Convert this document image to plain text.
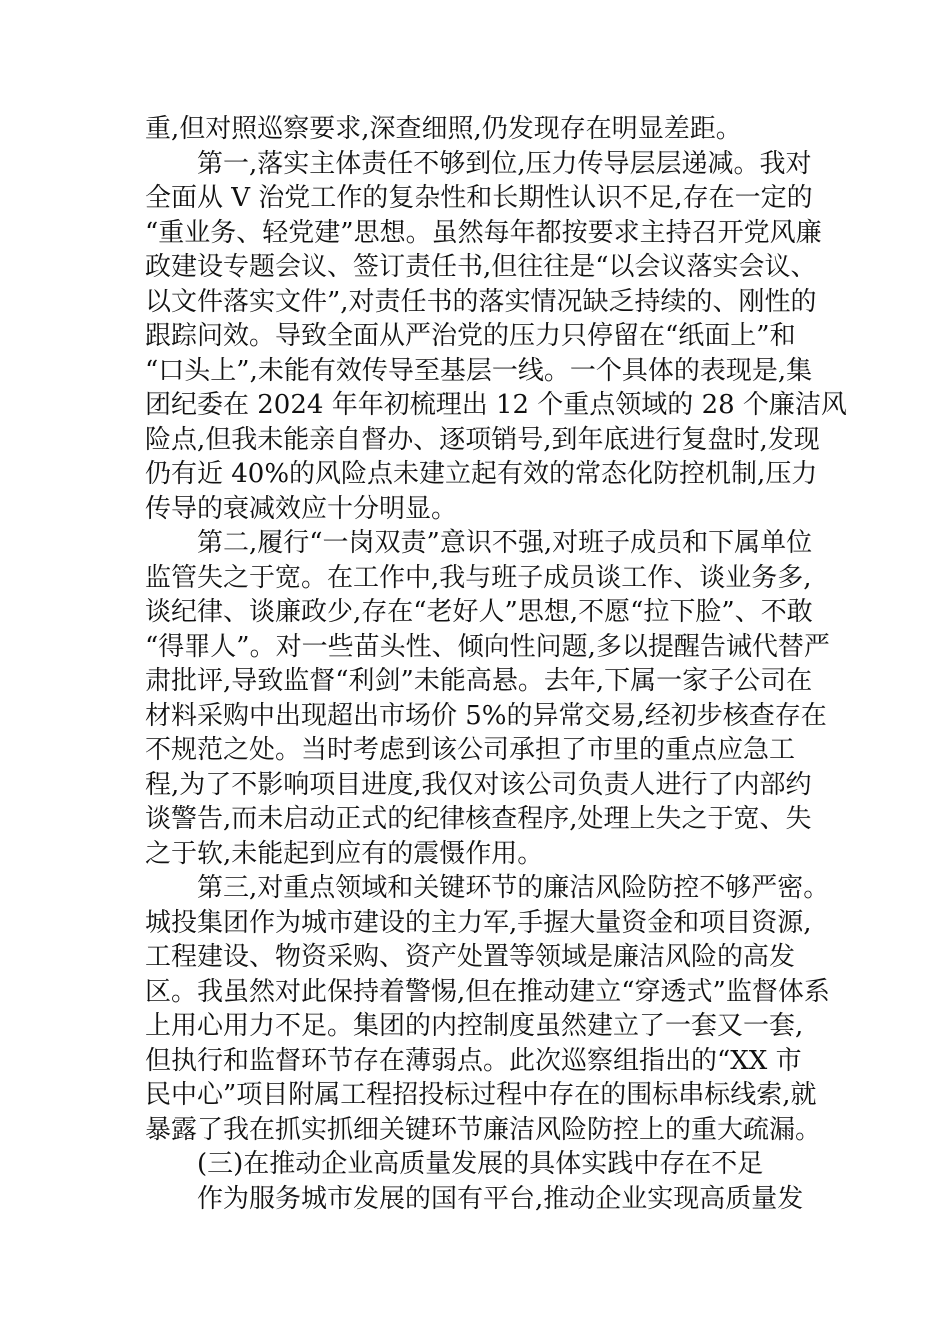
重,但对照巡察要求,深查细照,仍发现存在明显差距。
第一,落实主体责任不够到位,压力传导层层递减。我对
全面从 V 治党工作的复杂性和长期性认识不足,存在一定的
“重业务、轻党建”思想。虽然每年都按要求主持召开党风廉
政建设专题会议、签订责任书,但往往是“以会议落实会议、
以文件落实文件”,对责任书的落实情况缺乏持续的、刚性的
跟踪问效。导致全面从严治党的压力只停留在“纸面上”和
“口头上”,未能有效传导至基层一线。一个具体的表现是,集
团纪委在 2024 年年初梳理出 12 个重点领域的 28 个廉洁风
险点,但我未能亲自督办、逐项销号,到年底进行复盘时,发现
仍有近 40%的风险点未建立起有效的常态化防控机制,压力
传导的衰减效应十分明显。
第二,履行“一岗双责”意识不强,对班子成员和下属单位
监管失之于宽。在工作中,我与班子成员谈工作、谈业务多,
谈纪律、谈廉政少,存在“老好人”思想,不愿“拉下脸”、不敢
“得罪人”。对一些苗头性、倾向性问题,多以提醒告诫代替严
肃批评,导致监督“利剑”未能高悬。去年,下属一家子公司在
材料采购中出现超出市场价 5%的异常交易,经初步核查存在
不规范之处。当时考虑到该公司承担了市里的重点应急工
程,为了不影响项目进度,我仅对该公司负责人进行了内部约
谈警告,而未启动正式的纪律核查程序,处理上失之于宽、失
之于软,未能起到应有的震慑作用。
第三,对重点领域和关键环节的廉洁风险防控不够严密。
城投集团作为城市建设的主力军,手握大量资金和项目资源,
工程建设、物资采购、资产处置等领域是廉洁风险的高发
区。我虽然对此保持着警惕,但在推动建立“穿透式”监督体系
上用心用力不足。集团的内控制度虽然建立了一套又一套,
但执行和监督环节存在薄弱点。此次巡察组指出的“XX 市
民中心”项目附属工程招投标过程中存在的围标串标线索,就
暴露了我在抓实抓细关键环节廉洁风险防控上的重大疏漏。
(三)在推动企业高质量发展的具体实践中存在不足
作为服务城市发展的国有平台,推动企业实现高质量发
